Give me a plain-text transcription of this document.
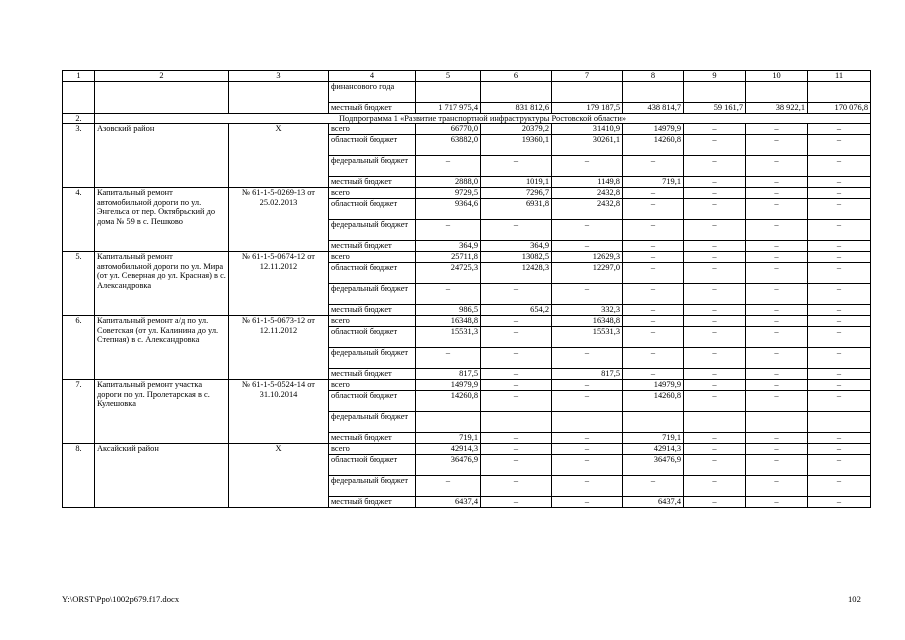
1	2	3	4	5	6	7	8	9	10	11
			финансового года							
			местный бюджет	1 717 975,4	831 812,6	179 187,5	438 814,7	59 161,7	38 922,1	170 076,8
2.	Подпрограмма 1 «Развитие транспортной инфраструктуры Ростовской области»									
3.	Азовский район	Х	всего	66770,0	20379,2	31410,9	14979,9	–	–	–
			областной бюджет	63882,0	19360,1	30261,1	14260,8	–	–	–
			федеральный бюджет	–	–	–	–	–	–	–
			местный бюджет	2888,0	1019,1	1149,8	719,1	–	–	–
4.	Капитальный ремонт автомобильной дороги по ул. Энгельса от пер. Октябрьский до дома № 59 в с. Пешково	№ 61-1-5-0269-13 от 25.02.2013	всего	9729,5	7296,7	2432,8	–	–	–	–
			областной бюджет	9364,6	6931,8	2432,8	–	–	–	–
			федеральный бюджет	–	–	–	–	–	–	–
			местный бюджет	364,9	364,9	–	–	–	–	–
5.	Капитальный ремонт автомобильной дороги по ул. Мира (от ул. Северная до ул. Красная) в с. Александровка	№ 61-1-5-0674-12 от 12.11.2012	всего	25711,8	13082,5	12629,3	–	–	–	–
			областной бюджет	24725,3	12428,3	12297,0	–	–	–	–
			федеральный бюджет	–	–	–	–	–	–	–
			местный бюджет	986,5	654,2	332,3	–	–	–	–
6.	Капитальный ремонт а/д по ул. Советская (от ул. Калинина до ул. Степная) в с. Александровка	№ 61-1-5-0673-12 от 12.11.2012	всего	16348,8	–	16348,8	–	–	–	–
			областной бюджет	15531,3	–	15531,3	–	–	–	–
			федеральный бюджет	–	–	–	–	–	–	–
			местный бюджет	817,5	–	817,5	–	–	–	–
7.	Капитальный ремонт участка дороги по ул. Пролетарская в с. Кулешовка	№ 61-1-5-0524-14 от 31.10.2014	всего	14979,9	–	–	14979,9	–	–	–
			областной бюджет	14260,8	–	–	14260,8	–	–	–
			федеральный бюджет							
			местный бюджет	719,1	–	–	719,1	–	–	–
8.	Аксайский район	Х	всего	42914,3	–	–	42914,3	–	–	–
			областной бюджет	36476,9	–	–	36476,9	–	–	–
			федеральный бюджет	–	–	–	–	–	–	–
			местный бюджет	6437,4	–	–	6437,4	–	–	–
Y:\ORST\Ppo\1002p679.f17.docx	102
